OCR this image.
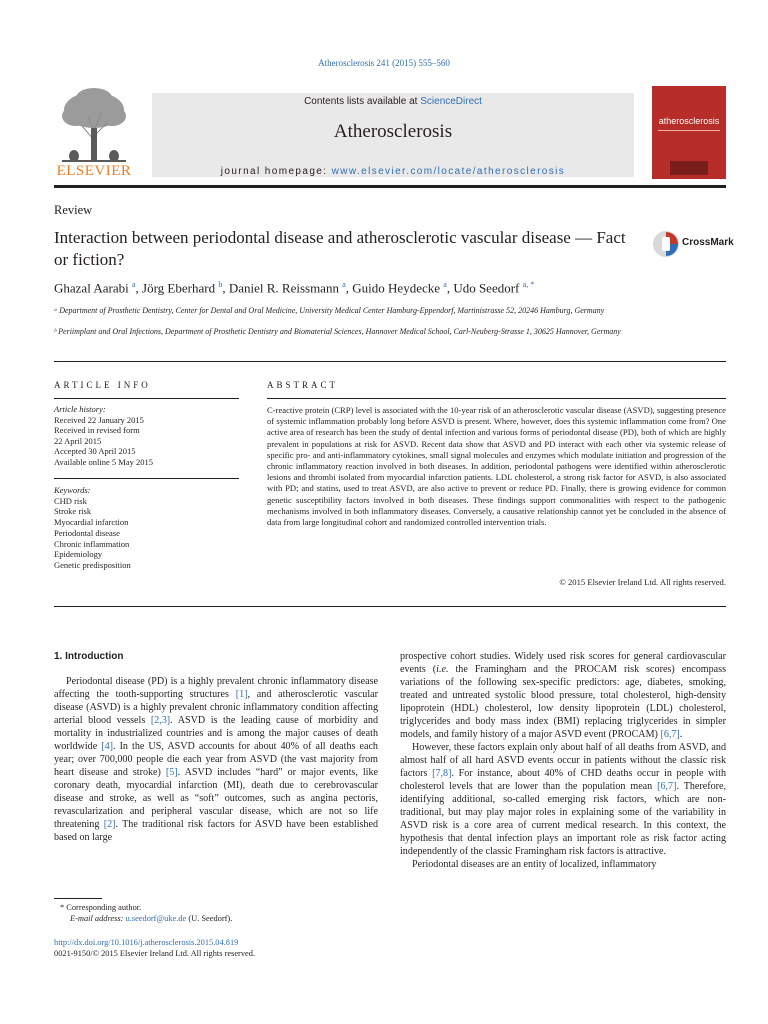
Atherosclerosis 241 (2015) 555–560
ELSEVIER
Contents lists available at ScienceDirect
Atherosclerosis
journal homepage: www.elsevier.com/locate/atherosclerosis
atherosclerosis
Review
Interaction between periodontal disease and atherosclerotic vascular disease — Fact or fiction?
CrossMark
Ghazal Aarabi $^a$, Jörg Eberhard $^b$, Daniel R. Reissmann $^a$, Guido Heydecke $^a$, Udo Seedorf $^{a, *}$
ᵃ Department of Prosthetic Dentistry, Center for Dental and Oral Medicine, University Medical Center Hamburg-Eppendorf, Martinistrasse 52, 20246 Hamburg, Germany
ᵇ Periimplant and Oral Infections, Department of Prosthetic Dentistry and Biomaterial Sciences, Hannover Medical School, Carl-Neuberg-Strasse 1, 30625 Hannover, Germany
ARTICLE INFO	ABSTRACT
Article history:
Received 22 January 2015
Received in revised form
22 April 2015
Accepted 30 April 2015
Available online 5 May 2015
Keywords:
CHD risk
Stroke risk
Myocardial infarction
Periodontal disease
Chronic inflammation
Epidemiology
Genetic predisposition
C-reactive protein (CRP) level is associated with the 10-year risk of an atherosclerotic vascular disease (ASVD), suggesting presence of systemic inflammation probably long before ASVD is present. Where, however, does this systemic inflammation come from? One active area of research has been the study of dental infection and various forms of periodontal disease (PD), both of which are highly prevalent in populations at risk for ASVD. Recent data show that ASVD and PD interact with each other via systemic release of specific pro- and anti-inflammatory cytokines, small signal molecules and enzymes which modulate initiation and progression of the chronic inflammatory reaction involved in both diseases. In addition, periodontal pathogens were identified within atherosclerotic lesions and thrombi isolated from myocardial infarction patients. LDL cholesterol, a strong risk factor for ASVD, is also associated with PD; and statins, used to treat ASVD, are also active to prevent or reduce PD. Finally, there is growing evidence for common genetic susceptibility factors involved in both diseases. These findings support commonalities with respect to the pathogenic mechanisms involved in both inflammatory diseases. Conversely, a causative relationship cannot yet be concluded in the absence of data from large longitudinal cohort and randomized controlled intervention trials.
© 2015 Elsevier Ireland Ltd. All rights reserved.
1. Introduction

Periodontal disease (PD) is a highly prevalent chronic inflammatory disease affecting the tooth-supporting structures [1], and atherosclerotic vascular disease (ASVD) is a highly prevalent chronic inflammatory condition affecting arterial blood vessels [2,3]. ASVD is the leading cause of morbidity and mortality in industrialized countries and is among the major causes of death worldwide [4]. In the US, ASVD accounts for about 40% of all deaths each year; over 700,000 people die each year from ASVD (the vast majority from heart disease and stroke) [5]. ASVD includes “hard” or major events, like coronary death, myocardial infarction (MI), death due to cerebrovascular disease and stroke, as well as “soft” outcomes, such as angina pectoris, revascularization and peripheral vascular disease, which are not so life threatening [2]. The traditional risk factors for ASVD have been established based on large

prospective cohort studies. Widely used risk scores for general cardiovascular events (i.e. the Framingham and the PROCAM risk scores) encompass variations of the following sex-specific predictors: age, diabetes, smoking, treated and untreated systolic blood pressure, total cholesterol, high-density lipoprotein (HDL) cholesterol, low density lipoprotein (LDL) cholesterol, triglycerides and body mass index (BMI) replacing triglycerides in simpler models, and family history of a major ASVD event (PROCAM) [6,7].

However, these factors explain only about half of all deaths from ASVD, and almost half of all hard ASVD events occur in patients without the classic risk factors [7,8]. For instance, about 40% of CHD deaths occur in people with cholesterol levels that are lower than the population mean [6,7]. Therefore, identifying additional, so-called emerging risk factors, which are non-traditional, but may play major roles in explaining some of the variability in ASVD risk is a core area of current medical research. In this context, the hypothesis that dental infection plays an important role as risk factor acting independently of the classic Framingham risk factors is attractive.

Periodontal diseases are an entity of localized, inflammatory

* Corresponding author.
E-mail address: u.seedorf@uke.de (U. Seedorf).
http://dx.doi.org/10.1016/j.atherosclerosis.2015.04.819
0021-9150/© 2015 Elsevier Ireland Ltd. All rights reserved.
